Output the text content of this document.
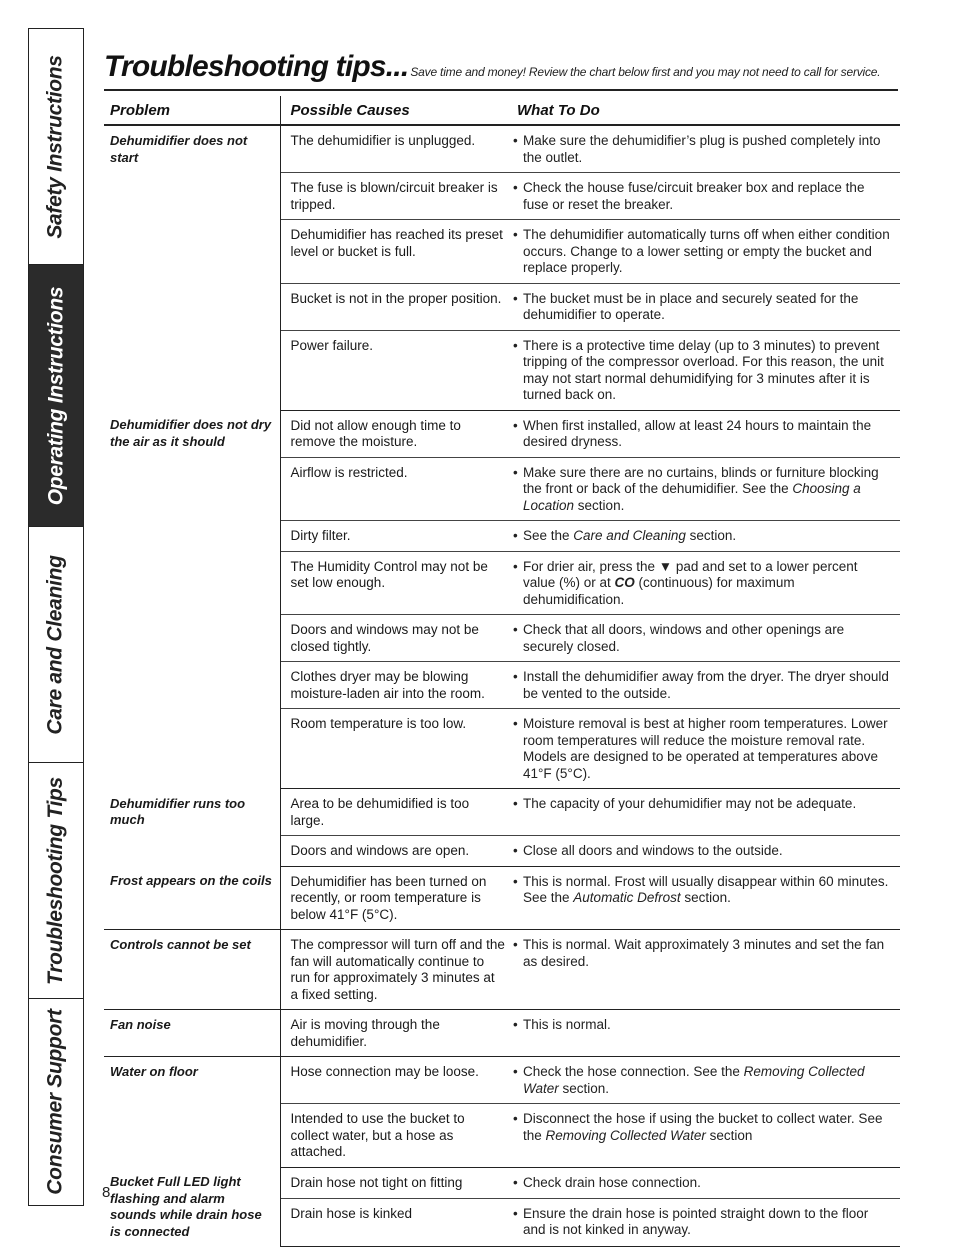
Safety Instructions
Operating Instructions
Care and Cleaning
Troubleshooting Tips
Consumer Support
Troubleshooting tips... Save time and money! Review the chart below first and you may not need to call for service.
Problem	Possible Causes	What To Do
Dehumidifier does not start	The dehumidifier is unplugged.	• Make sure the dehumidifier’s plug is pushed completely into the outlet.

	The fuse is blown/circuit breaker is tripped.	• Check the house fuse/circuit breaker box and replace the fuse or reset the breaker.

	Dehumidifier has reached its preset level or bucket is full.	• The dehumidifier automatically turns off when either condition occurs. Change to a lower setting or empty the bucket and replace properly.

	Bucket is not in the proper position.	• The bucket must be in place and securely seated for the dehumidifier to operate.

	Power failure.	• There is a protective time delay (up to 3 minutes) to prevent tripping of the compressor overload. For this reason, the unit may not start normal dehumidifying for 3 minutes after it is turned back on.

Dehumidifier does not dry the air as it should	Did not allow enough time to remove the moisture.	• When first installed, allow at least 24 hours to maintain the desired dryness.

	Airflow is restricted.	• Make sure there are no curtains, blinds or furniture blocking the front or back of the dehumidifier. See the Choosing a Location section.

	Dirty filter.	• See the Care and Cleaning section.

	The Humidity Control may not be set low enough.	• For drier air, press the ▼ pad and set to a lower percent value (%) or at CO (continuous) for maximum dehumidification.

	Doors and windows may not be closed tightly.	• Check that all doors, windows and other openings are securely closed.

	Clothes dryer may be blowing moisture-laden air into the room.	• Install the dehumidifier away from the dryer. The dryer should be vented to the outside.

	Room temperature is too low.	• Moisture removal is best at higher room temperatures. Lower room temperatures will reduce the moisture removal rate. Models are designed to be operated at temperatures above 41°F (5°C).

Dehumidifier runs too much	Area to be dehumidified is too large.	• The capacity of your dehumidifier may not be adequate.

	Doors and windows are open.	• Close all doors and windows to the outside.

Frost appears on the coils	Dehumidifier has been turned on recently, or room temperature is below 41°F (5°C).	• This is normal. Frost will usually disappear within 60 minutes. See the Automatic Defrost section.

Controls cannot be set	The compressor will turn off and the fan will automatically continue to run for approximately 3 minutes at a fixed setting.	• This is normal. Wait approximately 3 minutes and set the fan as desired.

Fan noise	Air is moving through the dehumidifier.	• This is normal.

Water on floor	Hose connection may be loose.	• Check the hose connection. See the Removing Collected Water section.

	Intended to use the bucket to collect water, but a hose as attached.	• Disconnect the hose if using the bucket to collect water. See the Removing Collected Water section

Bucket Full LED light flashing and alarm sounds while drain hose is connected	Drain hose not tight on fitting	• Check drain hose connection.

	Drain hose is kinked	• Ensure the drain hose is pointed straight down to the floor and is not kinked in anyway.
8
